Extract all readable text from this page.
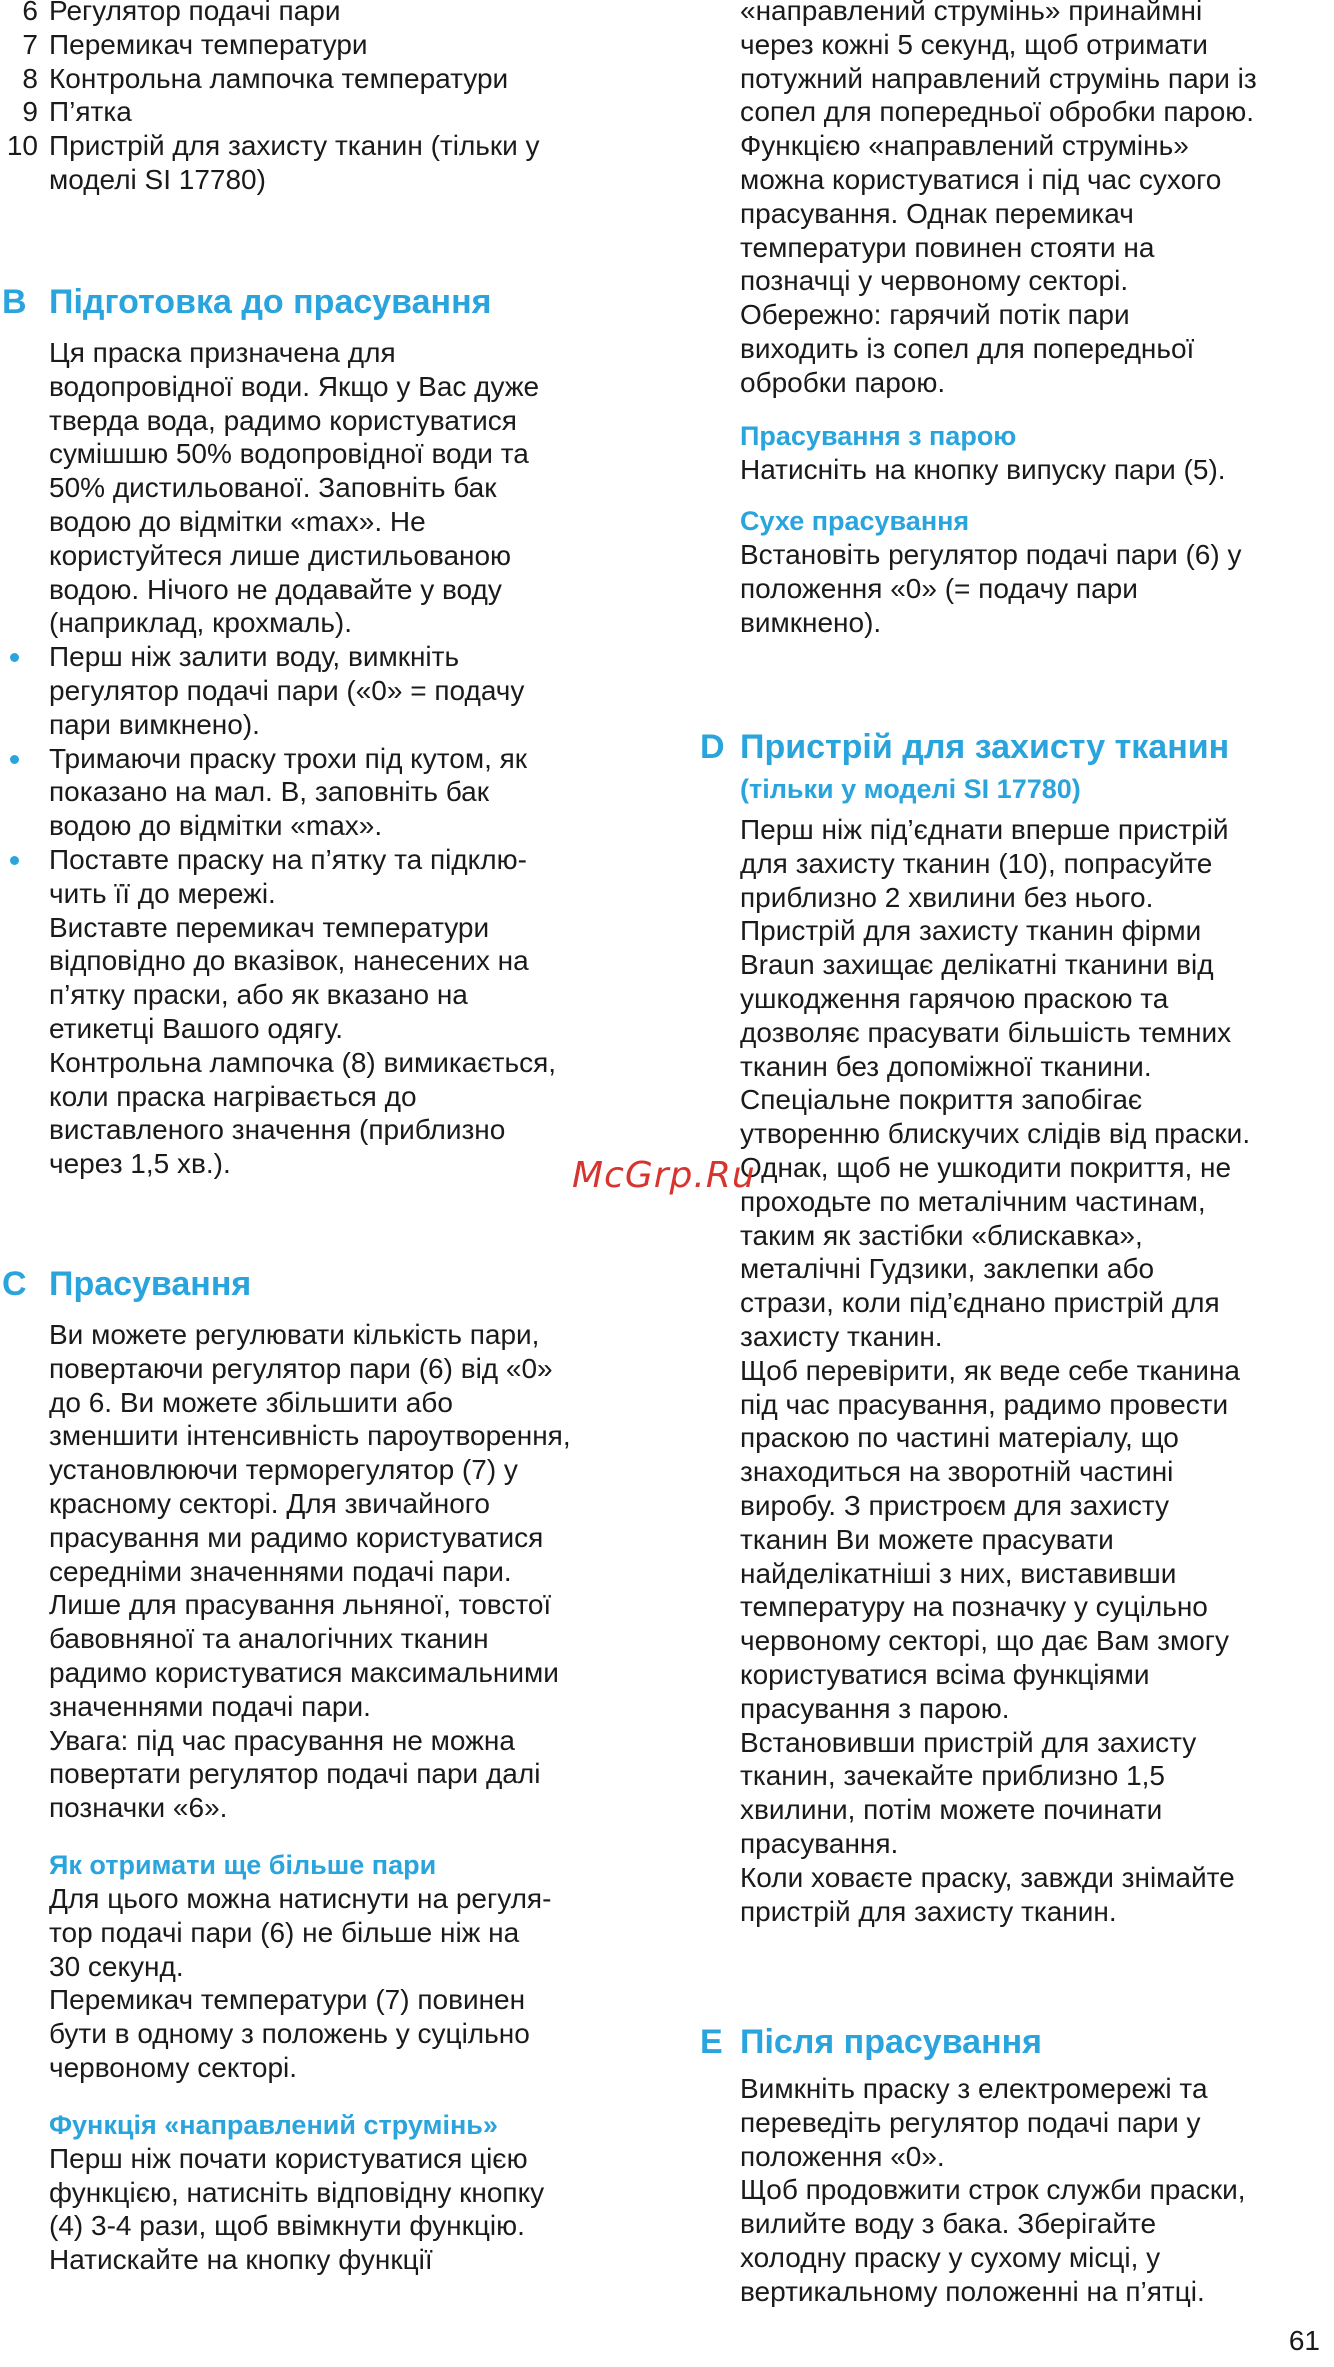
6 Регулятор подачі пари
7 Перемикач температури
8 Контрольна лампочка температури
9 П’ятка
10 Пристрій для захисту тканин (тільки у
моделі SI 17780)
B Підготовка до прасування
Ця праска призначена для
водопровідної води. Якщо у Вас дуже
тверда вода, радимо користуватися
сумішшю 50% водопровідної води та
50% дистильованої. Заповніть бак
водою до відмітки «max». Не
користуйтеся лише дистильованою
водою. Нічого не додавайте у воду
(наприклад, крохмаль).
Перш ніж залити воду, вимкніть
регулятор подачі пари («0» = подачу
пари вимкнено).
Тримаючи праску трохи під кутом, як
показано на мал. B, заповніть бак
водою до відмітки «max».
Поставте праску на п’ятку та підклю-
чить її до мережі.
Виставте перемикач температури
відповідно до вказівок, нанесених на
п’ятку праски, або як вказано на
етикетці Вашого одягу.
Контрольна лампочка (8) вимикається,
коли праска нагрівається до
виставленого значення (приблизно
через 1,5 хв.).
C Прасування
Ви можете регулювати кількість пари,
повертаючи регулятор пари (6) від «0»
до 6. Ви можете збільшити або
зменшити інтенсивність пароутворення,
установлюючи терморегулятор (7) у
красному секторі. Для звичайного
прасування ми радимо користуватися
середніми значеннями подачі пари.
Лише для прасування льняної, товстої
бавовняної та аналогічних тканин
радимо користуватися максимальними
значеннями подачі пари.
Увага: під час прасування не можна
повертати регулятор подачі пари далі
позначки «6».
Як отримати ще більше пари
Для цього можна натиснути на регуля-
тор подачі пари (6) не більше ніж на
30 секунд.
Перемикач температури (7) повинен
бути в одному з положень у суцільно
червоному секторі.
Функція «направлений струмінь»
Перш ніж почати користуватися цією
функцією, натисніть відповідну кнопку
(4) 3-4 рази, щоб ввімкнути функцію.
Натискайте на кнопку функції
«направлений струмінь» принаймні
через кожні 5 секунд, щоб отримати
потужний направлений струмінь пари із
сопел для попередньої обробки парою.
Функцією «направлений струмінь»
можна користуватися і під час сухого
прасування. Однак перемикач
температури повинен стояти на
позначці у червоному секторі.
Обережно: гарячий потік пари
виходить із сопел для попередньої
обробки парою.
Прасування з парою
Натисніть на кнопку випуску пари (5).
Сухе прасування
Встановіть регулятор подачі пари (6) у
положення «0» (= подачу пари
вимкнено).
D Пристрій для захисту тканин
(тільки у моделі SI 17780)
Перш ніж під’єднати вперше пристрій
для захисту тканин (10), попрасуйте
приблизно 2 хвилини без нього.
Пристрій для захисту тканин фірми
Braun захищає делікатні тканини від
ушкодження гарячою праскою та
дозволяє прасувати більшість темних
тканин без допоміжної тканини.
Спеціальне покриття запобігає
утворенню блискучих слідів від праски.
Однак, щоб не ушкодити покриття, не
проходьте по металічним частинам,
таким як застібки «блискавка»,
металічні Гудзики, заклепки або
стрази, коли під’єднано пристрій для
захисту тканин.
Щоб перевірити, як веде себе тканина
під час прасування, радимо провести
праскою по частині матеріалу, що
знаходиться на зворотній частині
виробу. З пристроєм для захисту
тканин Ви можете прасувати
найделікатніші з них, виставивши
температуру на позначку у суцільно
червоному секторі, що дає Вам змогу
користуватися всіма функціями
прасування з парою.
Встановивши пристрій для захисту
тканин, зачекайте приблизно 1,5
хвилини, потім можете починати
прасування.
Коли ховаєте праску, завжди знімайте
пристрій для захисту тканин.
E Після прасування
Вимкніть праску з електромережі та
переведіть регулятор подачі пари у
положення «0».
Щоб продовжити строк служби праски,
вилийте воду з бака. Зберігайте
холодну праску у сухому місці, у
вертикальному положенні на п’ятці.
McGrp.Ru
61
